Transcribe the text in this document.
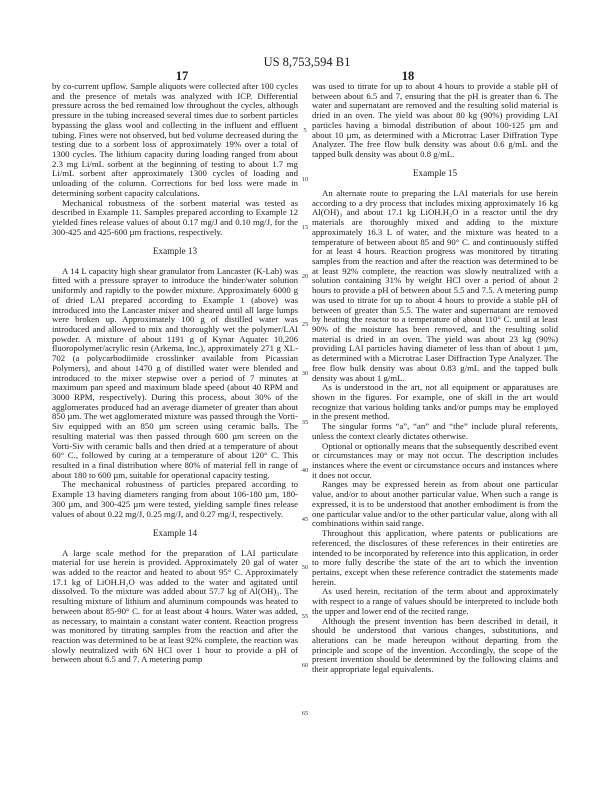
US 8,753,594 B1
17	18

by co-current upflow. Sample aliquots were collected after 100 cycles and the presence of metals was analyzed with ICP. Differential pressure across the bed remained low throughout the cycles, although pressure in the tubing increased several times due to sorbent particles bypassing the glass wool and collecting in the influent and effluent tubing. Fines were not observed, but bed volume decreased during the testing due to a sorbent loss of approximately 19% over a total of 1300 cycles. The lithium capacity during loading ranged from about 2.3 mg Li/mL sorbent at the beginning of testing to about 1.7 mg Li/mL sorbent after approximately 1300 cycles of loading and unloading of the column. Corrections for bed loss were made in determining sorbent capacity calculations.

Mechanical robustness of the sorbent material was tested as described in Example 11. Samples prepared according to Example 12 yielded fines release values of about 0.17 mg/J and 0.10 mg/J, for the 300-425 and 425-600 µm fractions, respectively.

Example 13

A 14 L capacity high shear granulator from Lancaster (K-Lab) was fitted with a pressure sprayer to introduce the binder/water solution uniformly and rapidly to the powder mixture. Approximately 6000 g of dried LAI prepared according to Example 1 (above) was introduced into the Lancaster mixer and sheared until all large lumps were broken up. Approximately 100 g of distilled water was introduced and allowed to mix and thoroughly wet the polymer/LAI powder. A mixture of about 1191 g of Kynar Aquatec 10,206 fluoropolymer/acrylic resin (Arkema, Inc.), approximately 271 g XL-702 (a polycarbodiimide crosslinker available from Picassian Polymers), and about 1470 g of distilled water were blended and introduced to the mixer stepwise over a period of 7 minutes at maximum pan speed and maximum blade speed (about 40 RPM and 3000 RPM, respectively). During this process, about 30% of the agglomerates produced had an average diameter of greater than about 850 µm. The wet agglomerated mixture was passed through the Vorti-Siv equipped with an 850 µm screen using ceramic balls. The resulting material was then passed through 600 µm screen on the Vorti-Siv with ceramic balls and then dried at a temperature of about 60° C., followed by curing at a temperature of about 120° C. This resulted in a final distribution where 80% of material fell in range of about 180 to 600 µm, suitable for operational capacity testing.

The mechanical robustness of particles prepared according to Example 13 having diameters ranging from about 106-180 µm, 180-300 µm, and 300-425 µm were tested, yielding sample fines release values of about 0.22 mg/J, 0.25 mg/J, and 0.27 mg/J, respectively.

Example 14

A large scale method for the preparation of LAI particulate material for use herein is provided. Approximately 20 gal of water was added to the reactor and heated to about 95° C. Approximately 17.1 kg of LiOH.H₂O was added to the water and agitated until dissolved. To the mixture was added about 57.7 kg of Al(OH)₃. The resulting mixture of lithium and aluminum compounds was heated to between about 85-90° C. for at least about 4 hours. Water was added, as necessary, to maintain a constant water content. Reaction progress was monitored by titrating samples from the reaction and after the reaction was determined to be at least 92% complete, the reaction was slowly neutralized with 6N HCl over 1 hour to provide a pH of between about 6.5 and 7. A metering pump

was used to titrate for up to about 4 hours to provide a stable pH of between about 6.5 and 7, ensuring that the pH is greater than 6. The water and supernatant are removed and the resulting solid material is dried in an oven. The yield was about 80 kg (90%) providing LAI particles having a bimodal distribution of about 100-125 µm and about 10 µm, as determined with a Microtrac Laser Diffration Type Analyzer. The free flow bulk density was about 0.6 g/mL and the tapped bulk density was about 0.8 g/mL.

Example 15

An alternate route to preparing the LAI materials for use herein according to a dry process that includes mixing approximately 16 kg Al(OH)₃ and about 17.1 kg LiOH.H₂O in a reactor until the dry materials are thoroughly mixed and adding to the mixture approximately 16.3 L of water, and the mixture was heated to a temperature of between about 85 and 90° C. and continuously stiffed for at least 4 hours. Reaction progress was monitored by titrating samples from the reaction and after the reaction was determined to be at least 92% complete, the reaction was slowly neutralized with a solution containing 31% by weight HCl over a period of about 2 hours to provide a pH of between about 5.5 and 7.5. A metering pump was used to titrate for up to about 4 hours to provide a stable pH of between of greater than 5.5. The water and supernatant are removed by heating the reactor to a temperature of about 110° C. until at least 90% of the moisture has been removed, and the resulting solid material is dried in an oven. The yield was about 23 kg (90%) providing LAI particles having diameter of less than of about 1 µm, as determined with a Microtrac Laser Diffraction Type Analyzer. The free flow bulk density was about 0.83 g/mL and the tapped bulk density was about 1 g/mL.

As is understood in the art, not all equipment or apparatuses are shown in the figures. For example, one of skill in the art would recognize that various holding tanks and/or pumps may be employed in the present method.

The singular forms “a”, “an” and “the” include plural referents, unless the context clearly dictates otherwise.

Optional or optionally means that the subsequently described event or circumstances may or may not occur. The description includes instances where the event or circumstance occurs and instances where it does not occur.

Ranges may be expressed herein as from about one particular value, and/or to about another particular value. When such a range is expressed, it is to be understood that another embodiment is from the one particular value and/or to the other particular value, along with all combinations within said range.

Throughout this application, where patents or publications are referenced, the disclosures of these references in their entireties are intended to be incorporated by reference into this application, in order to more fully describe the state of the art to which the invention pertains, except when these reference contradict the statements made herein.

As used herein, recitation of the term about and approximately with respect to a range of values should be interpreted to include both the upper and lower end of the recited range.

Although the present invention has been described in detail, it should be understood that various changes, substitutions, and alterations can be made hereupon without departing from the principle and scope of the invention. Accordingly, the scope of the present invention should be determined by the following claims and their appropriate legal equivalents.

5
10
15
20
25
30
35
40
45
50
55
60
65
